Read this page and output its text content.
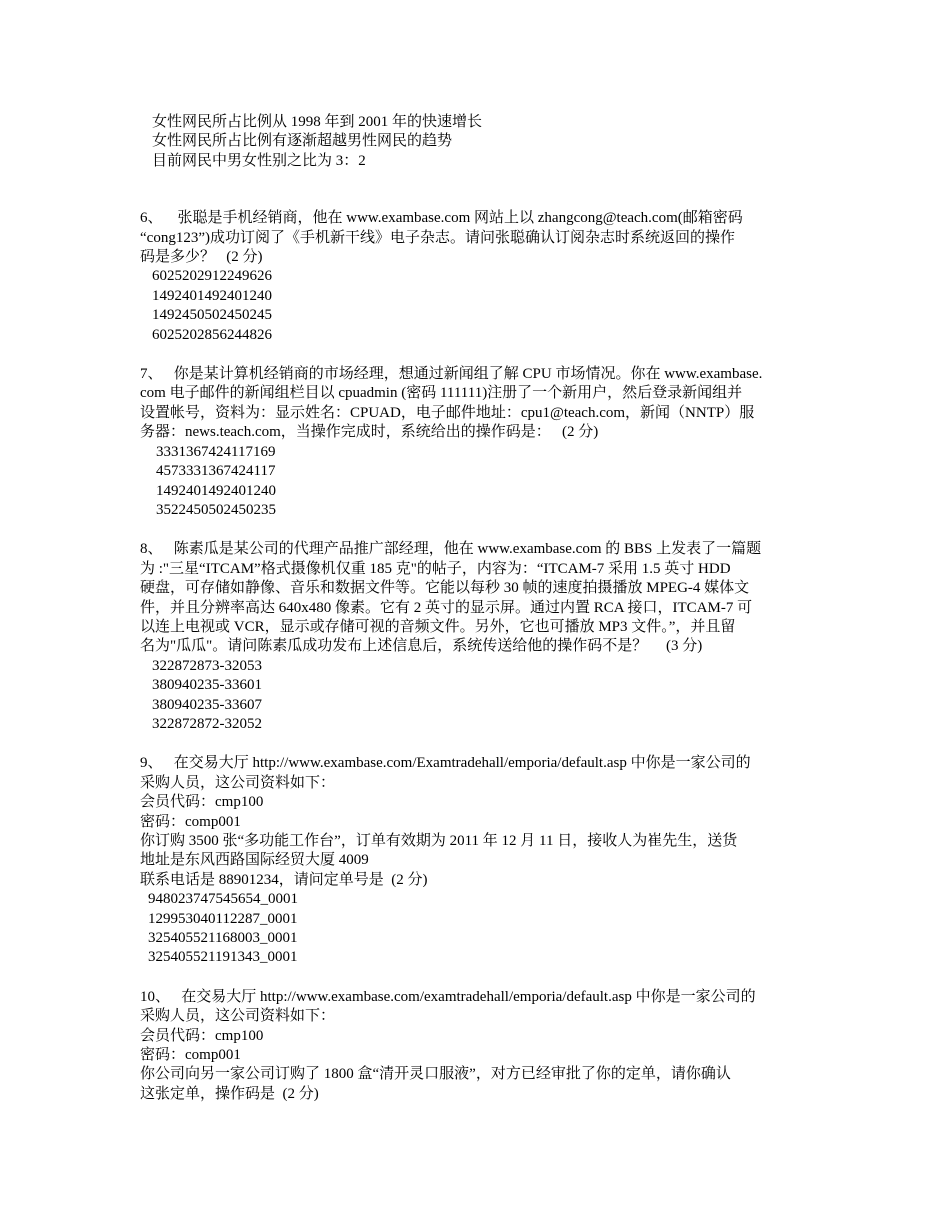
女性网民所占比例从 1998 年到 2001 年的快速增长
女性网民所占比例有逐渐超越男性网民的趋势
目前网民中男女性别之比为 3：2
6、 张聪是手机经销商，他在 www.exambase.com 网站上以 zhangcong@teach.com(邮箱密码
“cong123”)成功订阅了《手机新干线》电子杂志。请问张聪确认订阅杂志时系统返回的操作
码是多少？   (2 分)
6025202912249626
1492401492401240
1492450502450245
6025202856244826
7、 你是某计算机经销商的市场经理，想通过新闻组了解 CPU 市场情况。你在 www.exambase.
com 电子邮件的新闻组栏目以 cpuadmin (密码 111111)注册了一个新用户，然后登录新闻组并
设置帐号，资料为：显示姓名：CPUAD，电子邮件地址：cpu1@teach.com，新闻（NNTP）服
务器：news.teach.com，当操作完成时，系统给出的操作码是：   (2 分)
3331367424117169
4573331367424117
1492401492401240
3522450502450235
8、 陈素瓜是某公司的代理产品推广部经理，他在 www.exambase.com 的 BBS 上发表了一篇题
为 :"三星“ITCAM”格式摄像机仅重 185 克"的帖子，内容为：“ITCAM-7 采用 1.5 英寸 HDD
硬盘，可存储如静像、音乐和数据文件等。它能以每秒 30 帧的速度拍摄播放 MPEG-4 媒体文
件，并且分辨率高达 640x480 像素。它有 2 英寸的显示屏。通过内置 RCA 接口，ITCAM-7 可
以连上电视或 VCR，显示或存储可视的音频文件。另外，它也可播放 MP3 文件。”，并且留
名为"瓜瓜"。请问陈素瓜成功发布上述信息后，系统传送给他的操作码不是？     (3 分)
322872873-32053
380940235-33601
380940235-33607
322872872-32052
9、 在交易大厅 http://www.exambase.com/Examtradehall/emporia/default.asp 中你是一家公司的
采购人员，这公司资料如下：
会员代码：cmp100
密码：comp001
你订购 3500 张“多功能工作台”，订单有效期为 2011 年 12 月 11 日，接收人为崔先生，送货
地址是东风西路国际经贸大厦 4009
联系电话是 88901234，请问定单号是  (2 分)
948023747545654_0001
129953040112287_0001
325405521168003_0001
325405521191343_0001
10、 在交易大厅 http://www.exambase.com/examtradehall/emporia/default.asp 中你是一家公司的
采购人员，这公司资料如下：
会员代码：cmp100
密码：comp001
你公司向另一家公司订购了 1800 盒“清开灵口服液”，对方已经审批了你的定单，请你确认
这张定单，操作码是  (2 分)
